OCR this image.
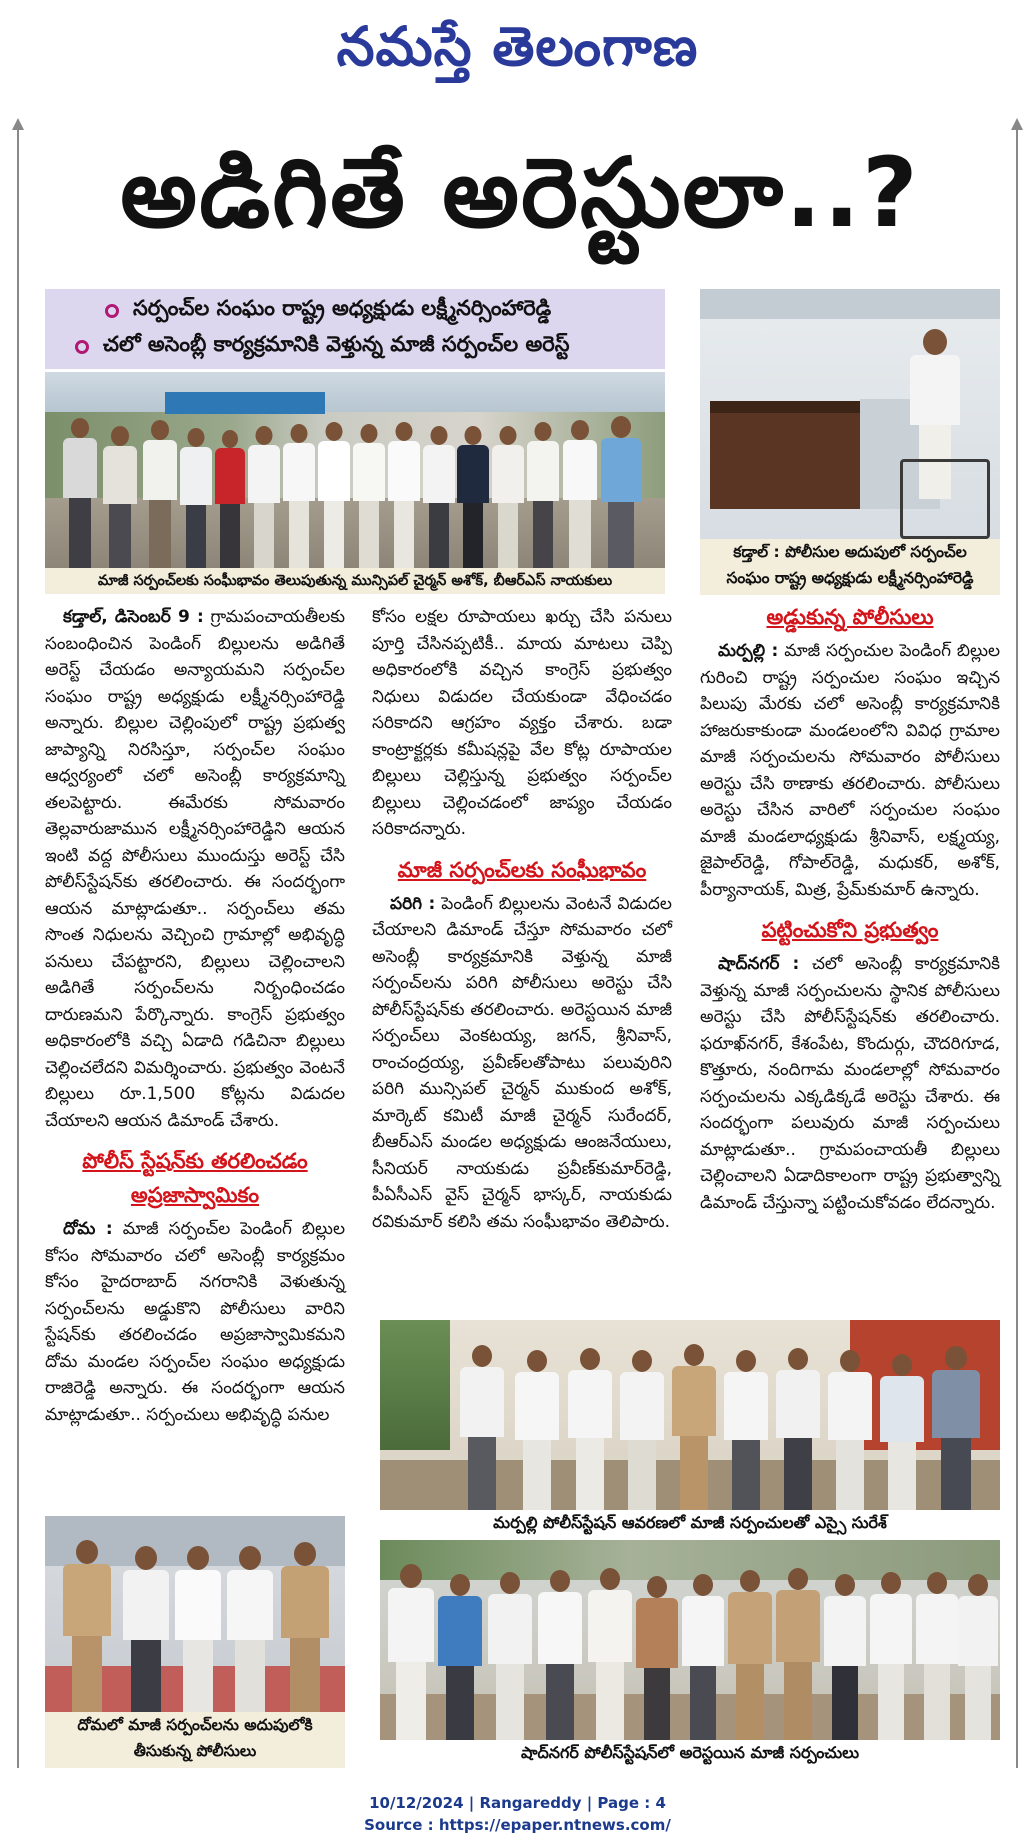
నమస్తే తెలంగాణ
అడిగితే అరెస్టులా..?
సర్పంచ్‌ల సంఘం రాష్ట్ర అధ్యక్షుడు లక్ష్మీనర్సింహారెడ్డి
చలో అసెంబ్లీ కార్యక్రమానికి వెళ్తున్న మాజీ సర్పంచ్‌ల అరెస్ట్
మాజీ సర్పంచ్‌లకు సంఘీభావం తెలుపుతున్న మున్సిపల్ చైర్మన్ అశోక్, బీఆర్‌ఎస్ నాయకులు
కడ్తాల్ : పోలీసుల అదుపులో సర్పంచ్‌ల
సంఘం రాష్ట్ర అధ్యక్షుడు లక్ష్మీనర్సింహారెడ్డి

కడ్తాల్, డిసెంబర్ 9 : గ్రామపంచాయతీలకు సంబంధించిన పెండింగ్ బిల్లులను అడిగితే అరెస్ట్ చేయడం అన్యాయమని సర్పంచ్‌ల సంఘం రాష్ట్ర అధ్యక్షుడు లక్ష్మీనర్సింహారెడ్డి అన్నారు. బిల్లుల చెల్లింపులో రాష్ట్ర ప్రభుత్వ జాప్యాన్ని నిరసిస్తూ, సర్పంచ్‌ల సంఘం ఆధ్వర్యంలో చలో అసెంబ్లీ కార్యక్రమాన్ని తలపెట్టారు. ఈమేరకు సోమవారం తెల్లవారుజామున లక్ష్మీనర్సింహారెడ్డిని ఆయన ఇంటి వద్ద పోలీసులు ముందుస్తు అరెస్ట్ చేసి పోలీస్‌స్టేషన్‌కు తరలించారు. ఈ సందర్భంగా ఆయన మాట్లాడుతూ.. సర్పంచ్‌లు తమ సొంత నిధులను వెచ్చించి గ్రామాల్లో అభివృద్ధి పనులు చేపట్టారని, బిల్లులు చెల్లించాలని అడిగితే సర్పంచ్‌లను నిర్బంధించడం దారుణమని పేర్కొన్నారు. కాంగ్రెస్ ప్రభుత్వం అధికారంలోకి వచ్చి ఏడాది గడిచినా బిల్లులు చెల్లించలేదని విమర్శించారు. ప్రభుత్వం వెంటనే బిల్లులు రూ.1,500 కోట్లను విడుదల చేయాలని ఆయన డిమాండ్ చేశారు.

పోలీస్ స్టేషన్‌కు తరలించడం
అప్రజాస్వామికం

దోమ : మాజీ సర్పంచ్‌ల పెండింగ్ బిల్లుల కోసం సోమవారం చలో అసెంబ్లీ కార్యక్రమం కోసం హైదరాబాద్ నగరానికి వెళుతున్న సర్పంచ్‌లను అడ్డుకొని పోలీసులు వారిని స్టేషన్‌కు తరలించడం అప్రజాస్వామికమని దోమ మండల సర్పంచ్‌ల సంఘం అధ్యక్షుడు రాజిరెడ్డి అన్నారు. ఈ సందర్భంగా ఆయన మాట్లాడుతూ.. సర్పంచులు అభివృద్ధి పనుల

కోసం లక్షల రూపాయలు ఖర్చు చేసి పనులు పూర్తి చేసినప్పటికీ.. మాయ మాటలు చెప్పి అధికారంలోకి వచ్చిన కాంగ్రెస్ ప్రభుత్వం నిధులు విడుదల చేయకుండా వేధించడం సరికాదని ఆగ్రహం వ్యక్తం చేశారు. బడా కాంట్రాక్టర్లకు కమీషన్లపై వేల కోట్ల రూపాయల బిల్లులు చెల్లిస్తున్న ప్రభుత్వం సర్పంచ్‌ల బిల్లులు చెల్లించడంలో జాప్యం చేయడం సరికాదన్నారు.

మాజీ సర్పంచ్‌లకు సంఘీభావం

పరిగి : పెండింగ్ బిల్లులను వెంటనే విడుదల చేయాలని డిమాండ్ చేస్తూ సోమవారం చలో అసెంబ్లీ కార్యక్రమానికి వెళ్తున్న మాజీ సర్పంచ్‌లను పరిగి పోలీసులు అరెస్టు చేసి పోలీస్‌స్టేషన్‌కు తరలించారు. అరెస్టయిన మాజీ సర్పంచ్‌లు వెంకటయ్య, జగన్, శ్రీనివాస్, రాంచంద్రయ్య, ప్రవీణ్‌లతోపాటు పలువురిని పరిగి మున్సిపల్ చైర్మన్ ముకుంద అశోక్, మార్కెట్ కమిటీ మాజీ చైర్మన్ సురేందర్, బీఆర్‌ఎస్ మండల అధ్యక్షుడు ఆంజనేయులు, సీనియర్ నాయకుడు ప్రవీణ్‌కుమార్‌రెడ్డి, పీఏసీఎస్ వైస్ చైర్మన్ భాస్కర్, నాయకుడు రవికుమార్ కలిసి తమ సంఘీభావం తెలిపారు.

అడ్డుకున్న పోలీసులు

మర్పల్లి : మాజీ సర్పంచుల పెండింగ్ బిల్లుల గురించి రాష్ట్ర సర్పంచుల సంఘం ఇచ్చిన పిలుపు మేరకు చలో అసెంబ్లీ కార్యక్రమానికి హాజరుకాకుండా మండలంలోని వివిధ గ్రామాల మాజీ సర్పంచులను సోమవారం పోలీసులు అరెస్టు చేసి ఠాణాకు తరలించారు. పోలీసులు అరెస్టు చేసిన వారిలో సర్పంచుల సంఘం మాజీ మండలాధ్యక్షుడు శ్రీనివాస్, లక్ష్మయ్య, జైపాల్‌రెడ్డి, గోపాల్‌రెడ్డి, మధుకర్, అశోక్, పీర్యానాయక్, మిత్ర, ప్రేమ్‌కుమార్ ఉన్నారు.

పట్టించుకోని ప్రభుత్వం

షాద్‌నగర్ : చలో అసెంబ్లీ కార్యక్రమానికి వెళ్తున్న మాజీ సర్పంచులను స్థానిక పోలీసులు అరెస్టు చేసి పోలీస్‌స్టేషన్‌కు తరలించారు. ఫరూఖ్‌నగర్, కేశంపేట, కొందుర్గు, చౌదరిగూడ, కొత్తూరు, నందిగామ మండలాల్లో సోమవారం సర్పంచులను ఎక్కడిక్కడే అరెస్టు చేశారు. ఈ సందర్భంగా పలువురు మాజీ సర్పంచులు మాట్లాడుతూ.. గ్రామపంచాయతీ బిల్లులు చెల్లించాలని ఏడాదికాలంగా రాష్ట్ర ప్రభుత్వాన్ని డిమాండ్ చేస్తున్నా పట్టించుకోవడం లేదన్నారు.

మర్పల్లి పోలీస్‌స్టేషన్ ఆవరణలో మాజీ సర్పంచులతో ఎస్సై సురేశ్
దోమలో మాజీ సర్పంచ్‌లను అదుపులోకి
తీసుకున్న పోలీసులు	షాద్‌నగర్ పోలీస్‌స్టేషన్‌లో అరెస్టయిన మాజీ సర్పంచులు
10/12/2024 | Rangareddy | Page : 4
Source : https://epaper.ntnews.com/
